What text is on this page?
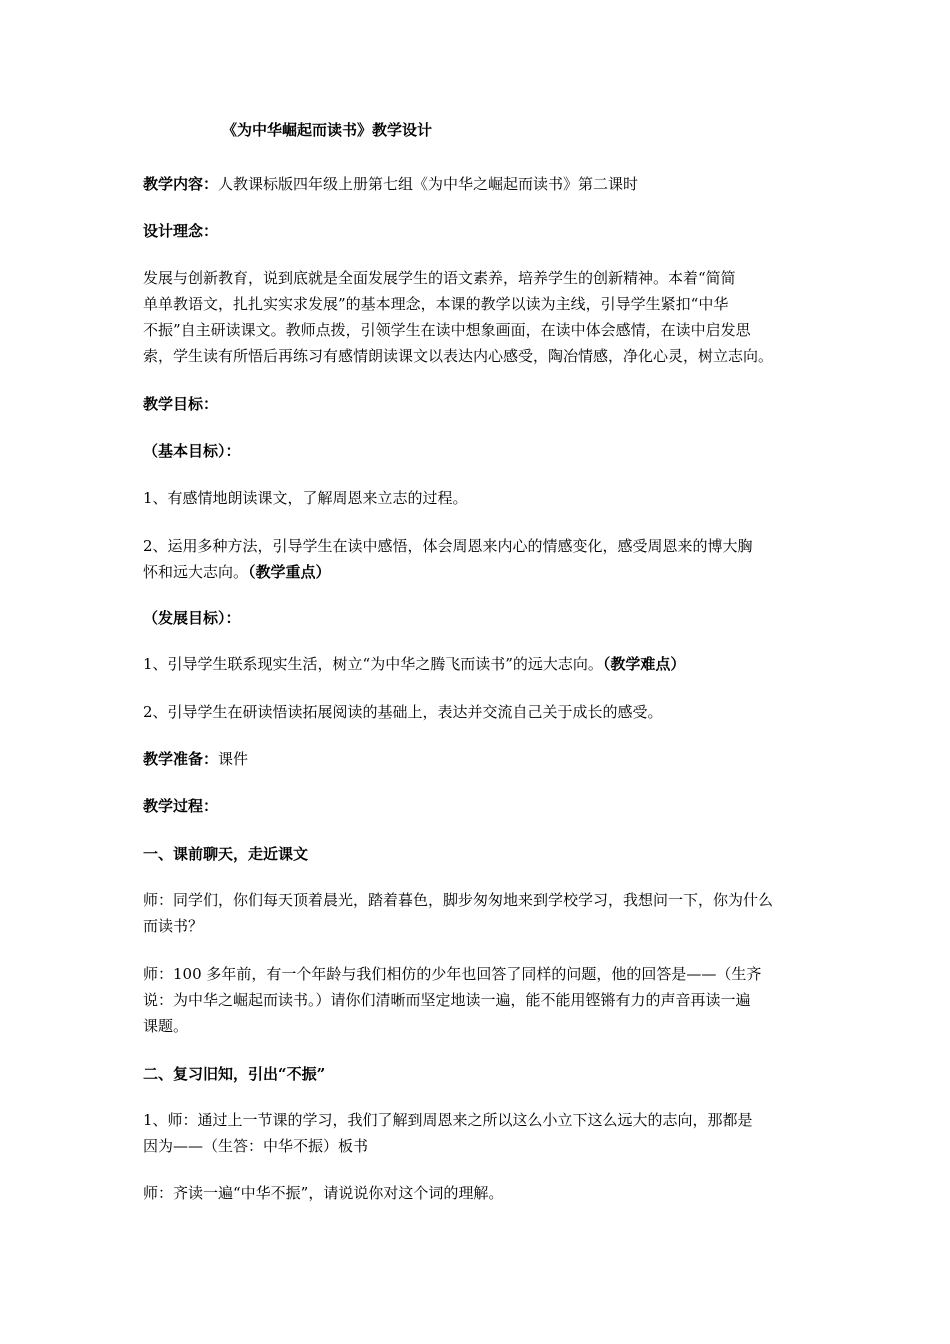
《为中华崛起而读书》教学设计

教学内容：人教课标版四年级上册第七组《为中华之崛起而读书》第二课时

设计理念：

发展与创新教育，说到底就是全面发展学生的语文素养，培养学生的创新精神。本着“简简

单单教语文，扎扎实实求发展”的基本理念，本课的教学以读为主线，引导学生紧扣“中华

不振”自主研读课文。教师点拨，引领学生在读中想象画面，在读中体会感情，在读中启发思

索，学生读有所悟后再练习有感情朗读课文以表达内心感受，陶冶情感，净化心灵，树立志向。

教学目标：

（基本目标）：

1、有感情地朗读课文，了解周恩来立志的过程。

2、运用多种方法，引导学生在读中感悟，体会周恩来内心的情感变化，感受周恩来的博大胸

怀和远大志向。（教学重点）

（发展目标）：

1、引导学生联系现实生活，树立“为中华之腾飞而读书”的远大志向。（教学难点）

2、引导学生在研读悟读拓展阅读的基础上，表达并交流自己关于成长的感受。

教学准备：课件

教学过程：

一、课前聊天，走近课文

师：同学们，你们每天顶着晨光，踏着暮色，脚步匆匆地来到学校学习，我想问一下，你为什么

而读书？

师：100 多年前，有一个年龄与我们相仿的少年也回答了同样的问题，他的回答是——（生齐

说：为中华之崛起而读书。）请你们清晰而坚定地读一遍，能不能用铿锵有力的声音再读一遍

课题。

二、复习旧知，引出“不振”

1、师：通过上一节课的学习，我们了解到周恩来之所以这么小立下这么远大的志向，那都是

因为——（生答：中华不振）板书

师：齐读一遍“中华不振”，请说说你对这个词的理解。
